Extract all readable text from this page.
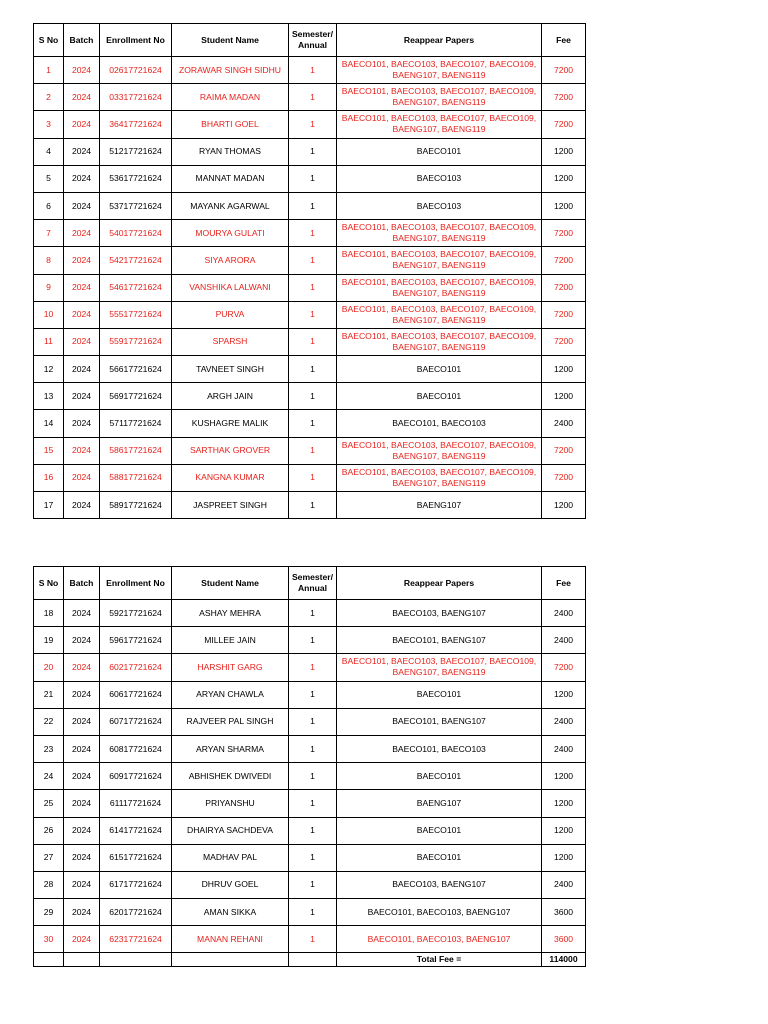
S No	Batch	Enrollment No	Student Name	Semester/ Annual	Reappear Papers	Fee
1	2024	02617721624	ZORAWAR SINGH SIDHU	1	BAECO101, BAECO103, BAECO107, BAECO109, BAENG107, BAENG119	7200
2	2024	03317721624	RAIMA MADAN	1	BAECO101, BAECO103, BAECO107, BAECO109, BAENG107, BAENG119	7200
3	2024	36417721624	BHARTI GOEL	1	BAECO101, BAECO103, BAECO107, BAECO109, BAENG107, BAENG119	7200
4	2024	51217721624	RYAN THOMAS	1	BAECO101	1200
5	2024	53617721624	MANNAT MADAN	1	BAECO103	1200
6	2024	53717721624	MAYANK AGARWAL	1	BAECO103	1200
7	2024	54017721624	MOURYA GULATI	1	BAECO101, BAECO103, BAECO107, BAECO109, BAENG107, BAENG119	7200
8	2024	54217721624	SIYA ARORA	1	BAECO101, BAECO103, BAECO107, BAECO109, BAENG107, BAENG119	7200
9	2024	54617721624	VANSHIKA LALWANI	1	BAECO101, BAECO103, BAECO107, BAECO109, BAENG107, BAENG119	7200
10	2024	55517721624	PURVA	1	BAECO101, BAECO103, BAECO107, BAECO109, BAENG107, BAENG119	7200
11	2024	55917721624	SPARSH	1	BAECO101, BAECO103, BAECO107, BAECO109, BAENG107, BAENG119	7200
12	2024	56617721624	TAVNEET SINGH	1	BAECO101	1200
13	2024	56917721624	ARGH JAIN	1	BAECO101	1200
14	2024	57117721624	KUSHAGRE MALIK	1	BAECO101, BAECO103	2400
15	2024	58617721624	SARTHAK GROVER	1	BAECO101, BAECO103, BAECO107, BAECO109, BAENG107, BAENG119	7200
16	2024	58817721624	KANGNA KUMAR	1	BAECO101, BAECO103, BAECO107, BAECO109, BAENG107, BAENG119	7200
17	2024	58917721624	JASPREET SINGH	1	BAENG107	1200
S No	Batch	Enrollment No	Student Name	Semester/ Annual	Reappear Papers	Fee
18	2024	59217721624	ASHAY MEHRA	1	BAECO103, BAENG107	2400
19	2024	59617721624	MILLEE JAIN	1	BAECO101, BAENG107	2400
20	2024	60217721624	HARSHIT GARG	1	BAECO101, BAECO103, BAECO107, BAECO109, BAENG107, BAENG119	7200
21	2024	60617721624	ARYAN CHAWLA	1	BAECO101	1200
22	2024	60717721624	RAJVEER PAL SINGH	1	BAECO101, BAENG107	2400
23	2024	60817721624	ARYAN SHARMA	1	BAECO101, BAECO103	2400
24	2024	60917721624	ABHISHEK DWIVEDI	1	BAECO101	1200
25	2024	61117721624	PRIYANSHU	1	BAENG107	1200
26	2024	61417721624	DHAIRYA SACHDEVA	1	BAECO101	1200
27	2024	61517721624	MADHAV PAL	1	BAECO101	1200
28	2024	61717721624	DHRUV GOEL	1	BAECO103, BAENG107	2400
29	2024	62017721624	AMAN SIKKA	1	BAECO101, BAECO103, BAENG107	3600
30	2024	62317721624	MANAN REHANI	1	BAECO101, BAECO103, BAENG107	3600
					Total Fee =	114000
